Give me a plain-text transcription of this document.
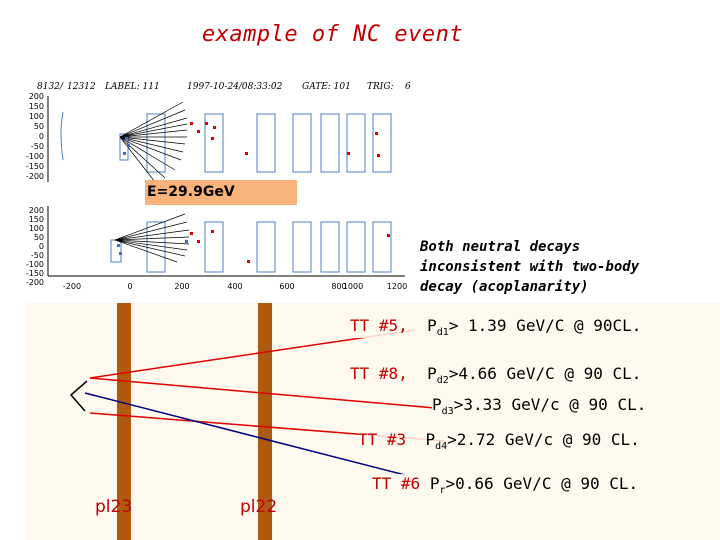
example of NC event
8132/ 12312 LABEL: 111	1997-10-24/08:33:02 GATE: 101 TRIG: 6
200
150
100
50
0
-50
-100
-150
-200
200
150
100
50
0
-50
-100
-150
-200 -200	0	200	400	600	800
1000	1200
E=29.9GeV
Both neutral decays
inconsistent with two-body
decay (acoplanarity)
TT #5, $P_{d1}> 1.39$ GeV/C @ 90CL.
TT #8, $P_{d2}>4.66$ GeV/C @ 90 CL.
$P_{d3}>3.33$ GeV/c @ 90 CL.
TT #3 $P_{d4}>2.72$ GeV/c @ 90 CL.
TT #6 $P_r>0.66$ GeV/C @ 90 CL.
pl23	pl22
